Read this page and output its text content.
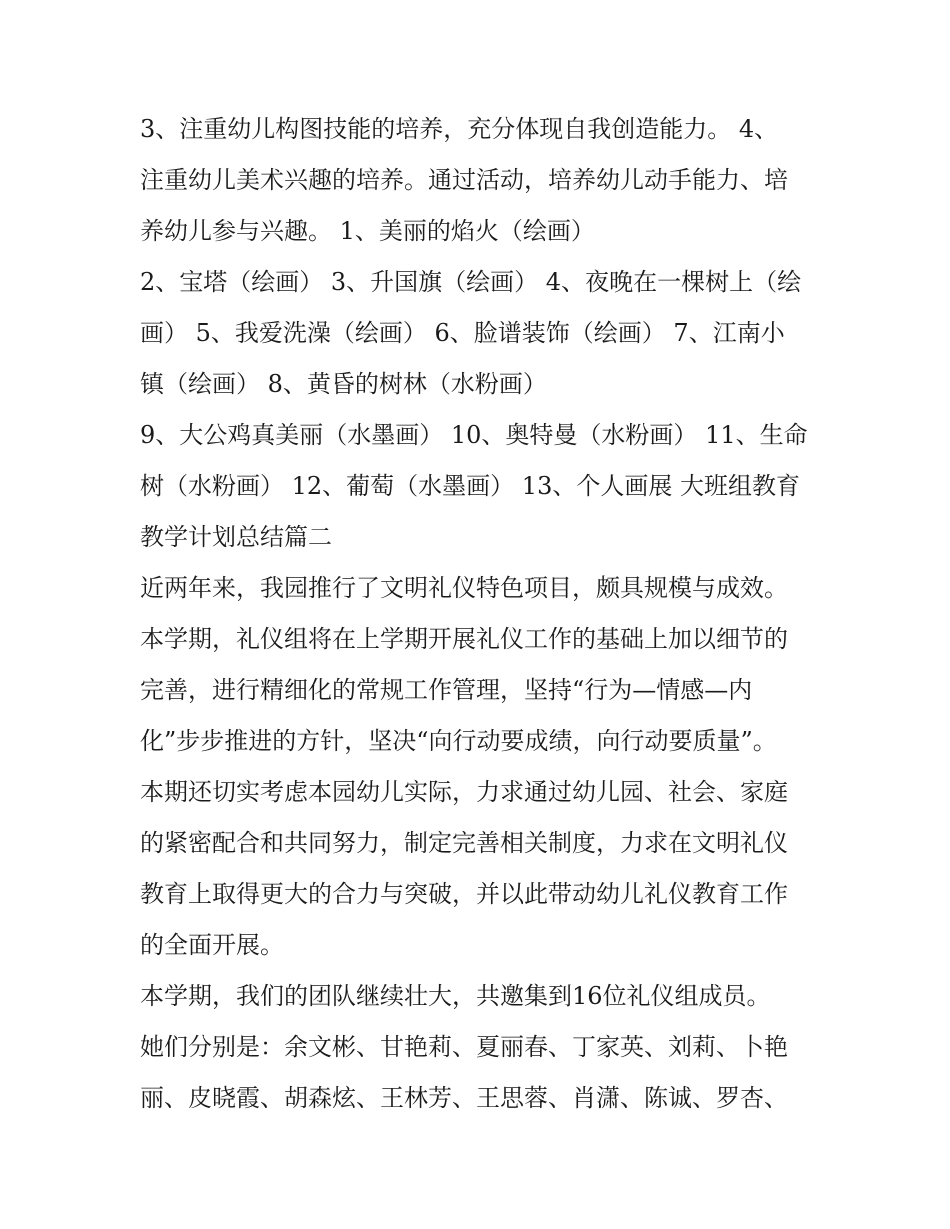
3、注重幼儿构图技能的培养，充分体现自我创造能力。 4、
注重幼儿美术兴趣的培养。通过活动，培养幼儿动手能力、培
养幼儿参与兴趣。 1、美丽的焰火（绘画）
2、宝塔（绘画） 3、升国旗（绘画） 4、夜晚在一棵树上（绘
画） 5、我爱洗澡（绘画） 6、脸谱装饰（绘画） 7、江南小
镇（绘画） 8、黄昏的树林（水粉画）
9、大公鸡真美丽（水墨画） 10、奥特曼（水粉画） 11、生命
树（水粉画） 12、葡萄（水墨画） 13、个人画展 大班组教育
教学计划总结篇二
近两年来，我园推行了文明礼仪特色项目，颇具规模与成效。
本学期，礼仪组将在上学期开展礼仪工作的基础上加以细节的
完善，进行精细化的常规工作管理，坚持“行为—情感—内
化”步步推进的方针，坚决“向行动要成绩，向行动要质量”。
本期还切实考虑本园幼儿实际，力求通过幼儿园、社会、家庭
的紧密配合和共同努力，制定完善相关制度，力求在文明礼仪
教育上取得更大的合力与突破，并以此带动幼儿礼仪教育工作
的全面开展。
本学期，我们的团队继续壮大，共邀集到16位礼仪组成员。
她们分别是：余文彬、甘艳莉、夏丽春、丁家英、刘莉、卜艳
丽、皮晓霞、胡森炫、王林芳、王思蓉、肖潇、陈诚、罗杏、
